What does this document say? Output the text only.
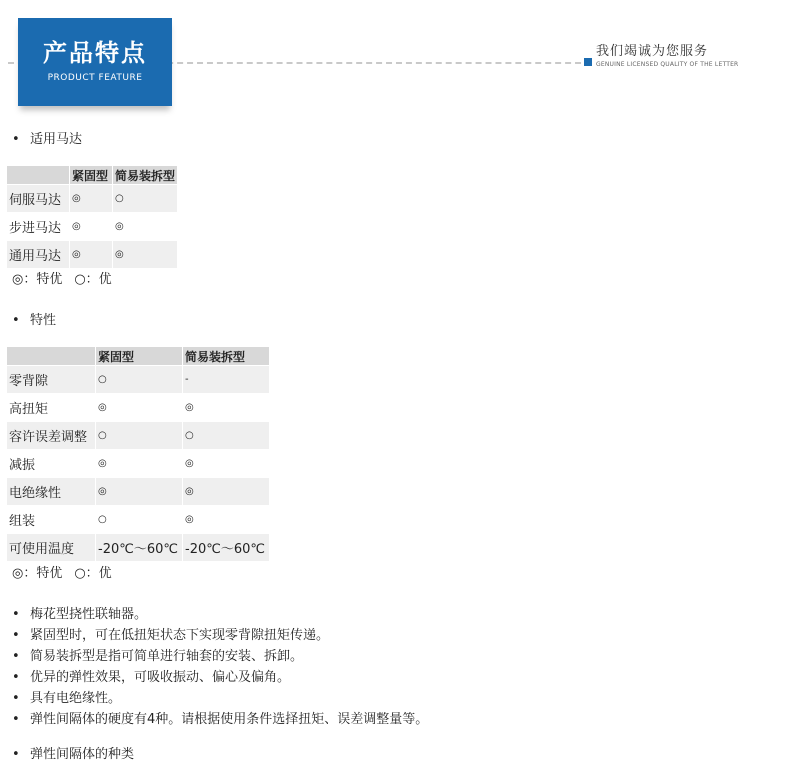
产品特点
PRODUCT FEATURE
我们竭诚为您服务
GENUINE LICENSED QUALITY OF THE LETTER
• 适用马达
	紧固型	简易装拆型
伺服马达	◎	○
步进马达	◎	◎
通用马达	◎	◎
◎：特优 ○：优
• 特性
	紧固型	简易装拆型
零背隙	○	-
高扭矩	◎	◎
容许误差调整	○	○
减振	◎	◎
电绝缘性	◎	◎
组装	○	◎
可使用温度	-20℃～60℃	-20℃～60℃
◎：特优 ○：优
• 梅花型挠性联轴器。
• 紧固型时，可在低扭矩状态下实现零背隙扭矩传递。
• 简易装拆型是指可简单进行轴套的安装、拆卸。
• 优异的弹性效果，可吸收振动、偏心及偏角。
• 具有电绝缘性。
• 弹性间隔体的硬度有4种。请根据使用条件选择扭矩、误差调整量等。
• 弹性间隔体的种类
